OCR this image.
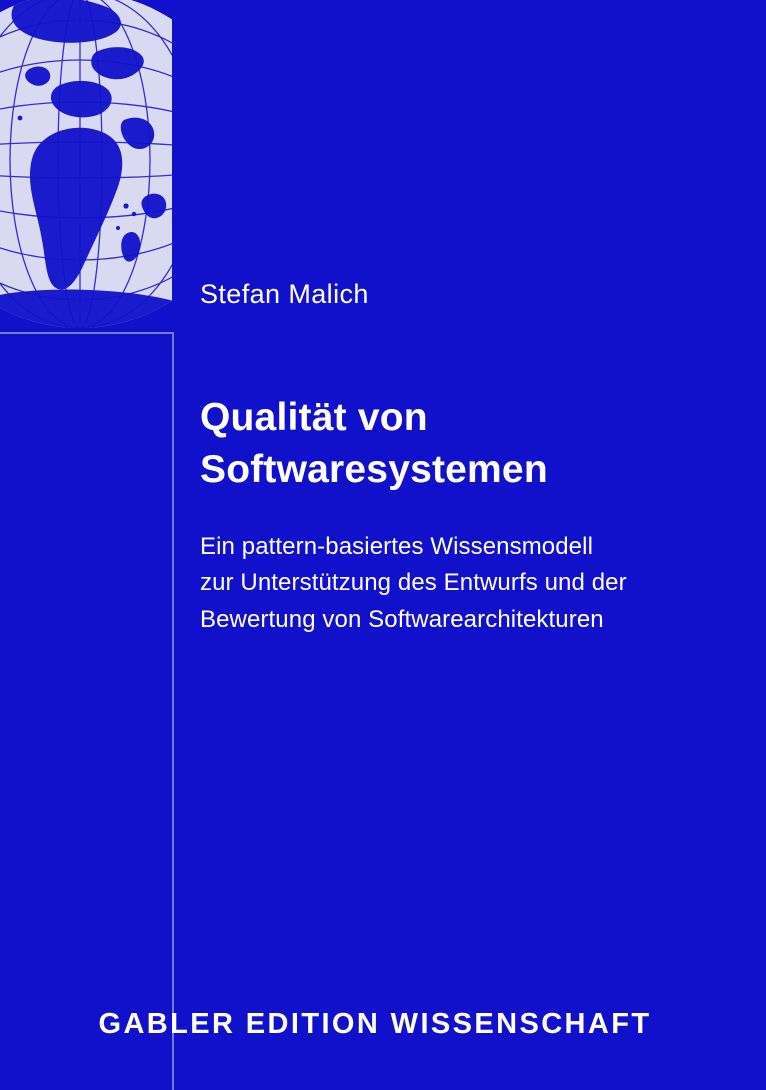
Stefan Malich
Qualität von
Softwaresystemen
Ein pattern-basiertes Wissensmodell
zur Unterstützung des Entwurfs und der
Bewertung von Softwarearchitekturen
GABLER EDITION WISSENSCHAFT
